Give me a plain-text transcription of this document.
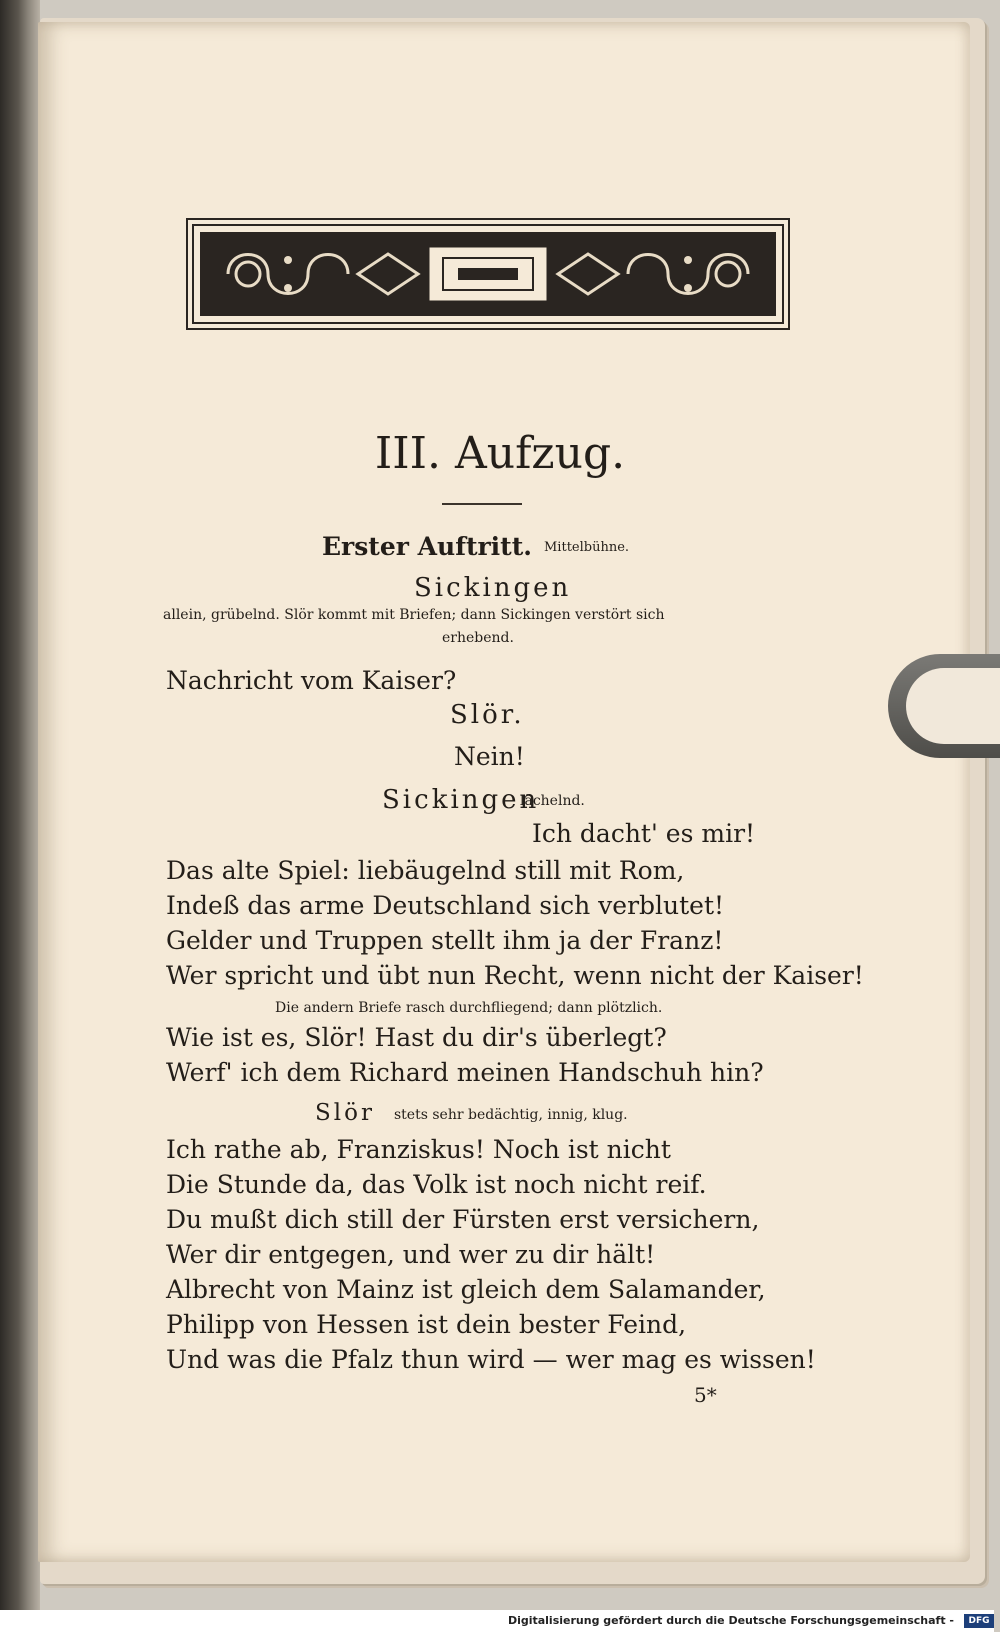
III. Aufzug.
Erster Auftritt. Mittelbühne.
Sickingen
allein, grübelnd. Slör kommt mit Briefen; dann Sickingen verstört sich
erhebend.
Nachricht vom Kaiser?
Slör.
Nein!
Sickingen
lächelnd.
Ich dacht' es mir!
Das alte Spiel: liebäugelnd still mit Rom,
Indeß das arme Deutschland sich verblutet!
Gelder und Truppen stellt ihm ja der Franz!
Wer spricht und übt nun Recht, wenn nicht der Kaiser!
Die andern Briefe rasch durchfliegend; dann plötzlich.
Wie ist es, Slör! Hast du dir's überlegt?
Werf' ich dem Richard meinen Handschuh hin?
Slör stets sehr bedächtig, innig, klug.
Ich rathe ab, Franziskus! Noch ist nicht
Die Stunde da, das Volk ist noch nicht reif.
Du mußt dich still der Fürsten erst versichern,
Wer dir entgegen, und wer zu dir hält!
Albrecht von Mainz ist gleich dem Salamander,
Philipp von Hessen ist dein bester Feind,
Und was die Pfalz thun wird — wer mag es wissen!
5*
Digitalisierung gefördert durch die Deutsche Forschungsgemeinschaft -	DFG
